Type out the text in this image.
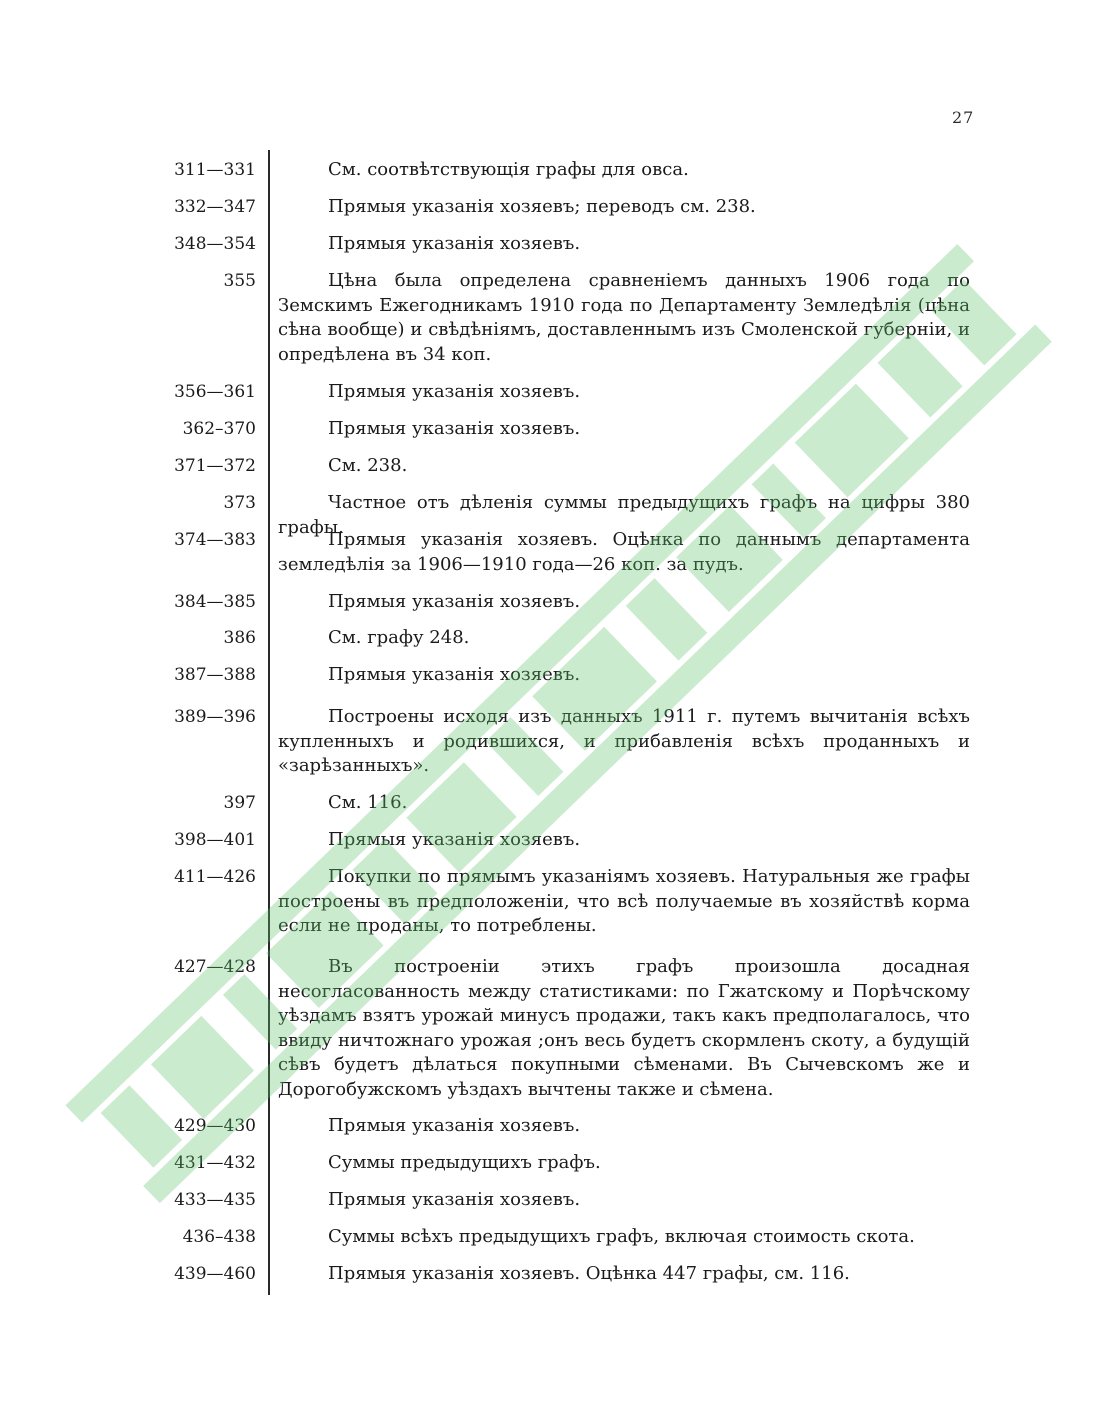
27
311—331	См. соотвѣтствующія графы для овса.
332—347	Прямыя указанія хозяевъ; переводъ см. 238.
348—354	Прямыя указанія хозяевъ.
355	Цѣна была определена сравненіемъ данныхъ 1906 года по Земскимъ Ежегодникамъ 1910 года по Департаменту Земледѣлія (цѣна сѣна вообще) и свѣдѣніямъ, доставленнымъ изъ Смоленской губерніи, и опредѣлена въ 34 коп.
356—361	Прямыя указанія хозяевъ.
362–370	Прямыя указанія хозяевъ.
371—372	См. 238.
373	Частное отъ дѣленія суммы предыдущихъ графъ на цифры 380 графы.
374—383	Прямыя указанія хозяевъ. Оцѣнка по даннымъ департамента земледѣлія за 1906—1910 года—26 коп. за пудъ.
384—385	Прямыя указанія хозяевъ.
386	См. графу 248.
387—388	Прямыя указанія хозяевъ.
389—396	Построены исходя изъ данныхъ 1911 г. путемъ вычитанія всѣхъ купленныхъ и родившихся, и прибавленія всѣхъ проданныхъ и «зарѣзанныхъ».
397	См. 116.
398—401	Прямыя указанія хозяевъ.
411—426	Покупки по прямымъ указаніямъ хозяевъ. Натуральныя же графы построены въ предположеніи, что всѣ получаемые въ хозяйствѣ корма если не проданы, то потреблены.
427—428	Въ построеніи этихъ графъ произошла досадная несогласованность между статистиками: по Гжатскому и Порѣчскому уѣздамъ взятъ урожай минусъ продажи, такъ какъ предполагалось, что ввиду ничтожнаго урожая ;онъ весь будетъ скормленъ скоту, а будущій сѣвъ будетъ дѣлаться покупными сѣменами. Въ Сычевскомъ же и Дорогобужскомъ уѣздахъ вычтены также и сѣмена.
429—430	Прямыя указанія хозяевъ.
431—432	Суммы предыдущихъ графъ.
433—435	Прямыя указанія хозяевъ.
436–438	Суммы всѣхъ предыдущихъ графъ, включая стоимость скота.
439—460	Прямыя указанія хозяевъ. Оцѣнка 447 графы, см. 116.
